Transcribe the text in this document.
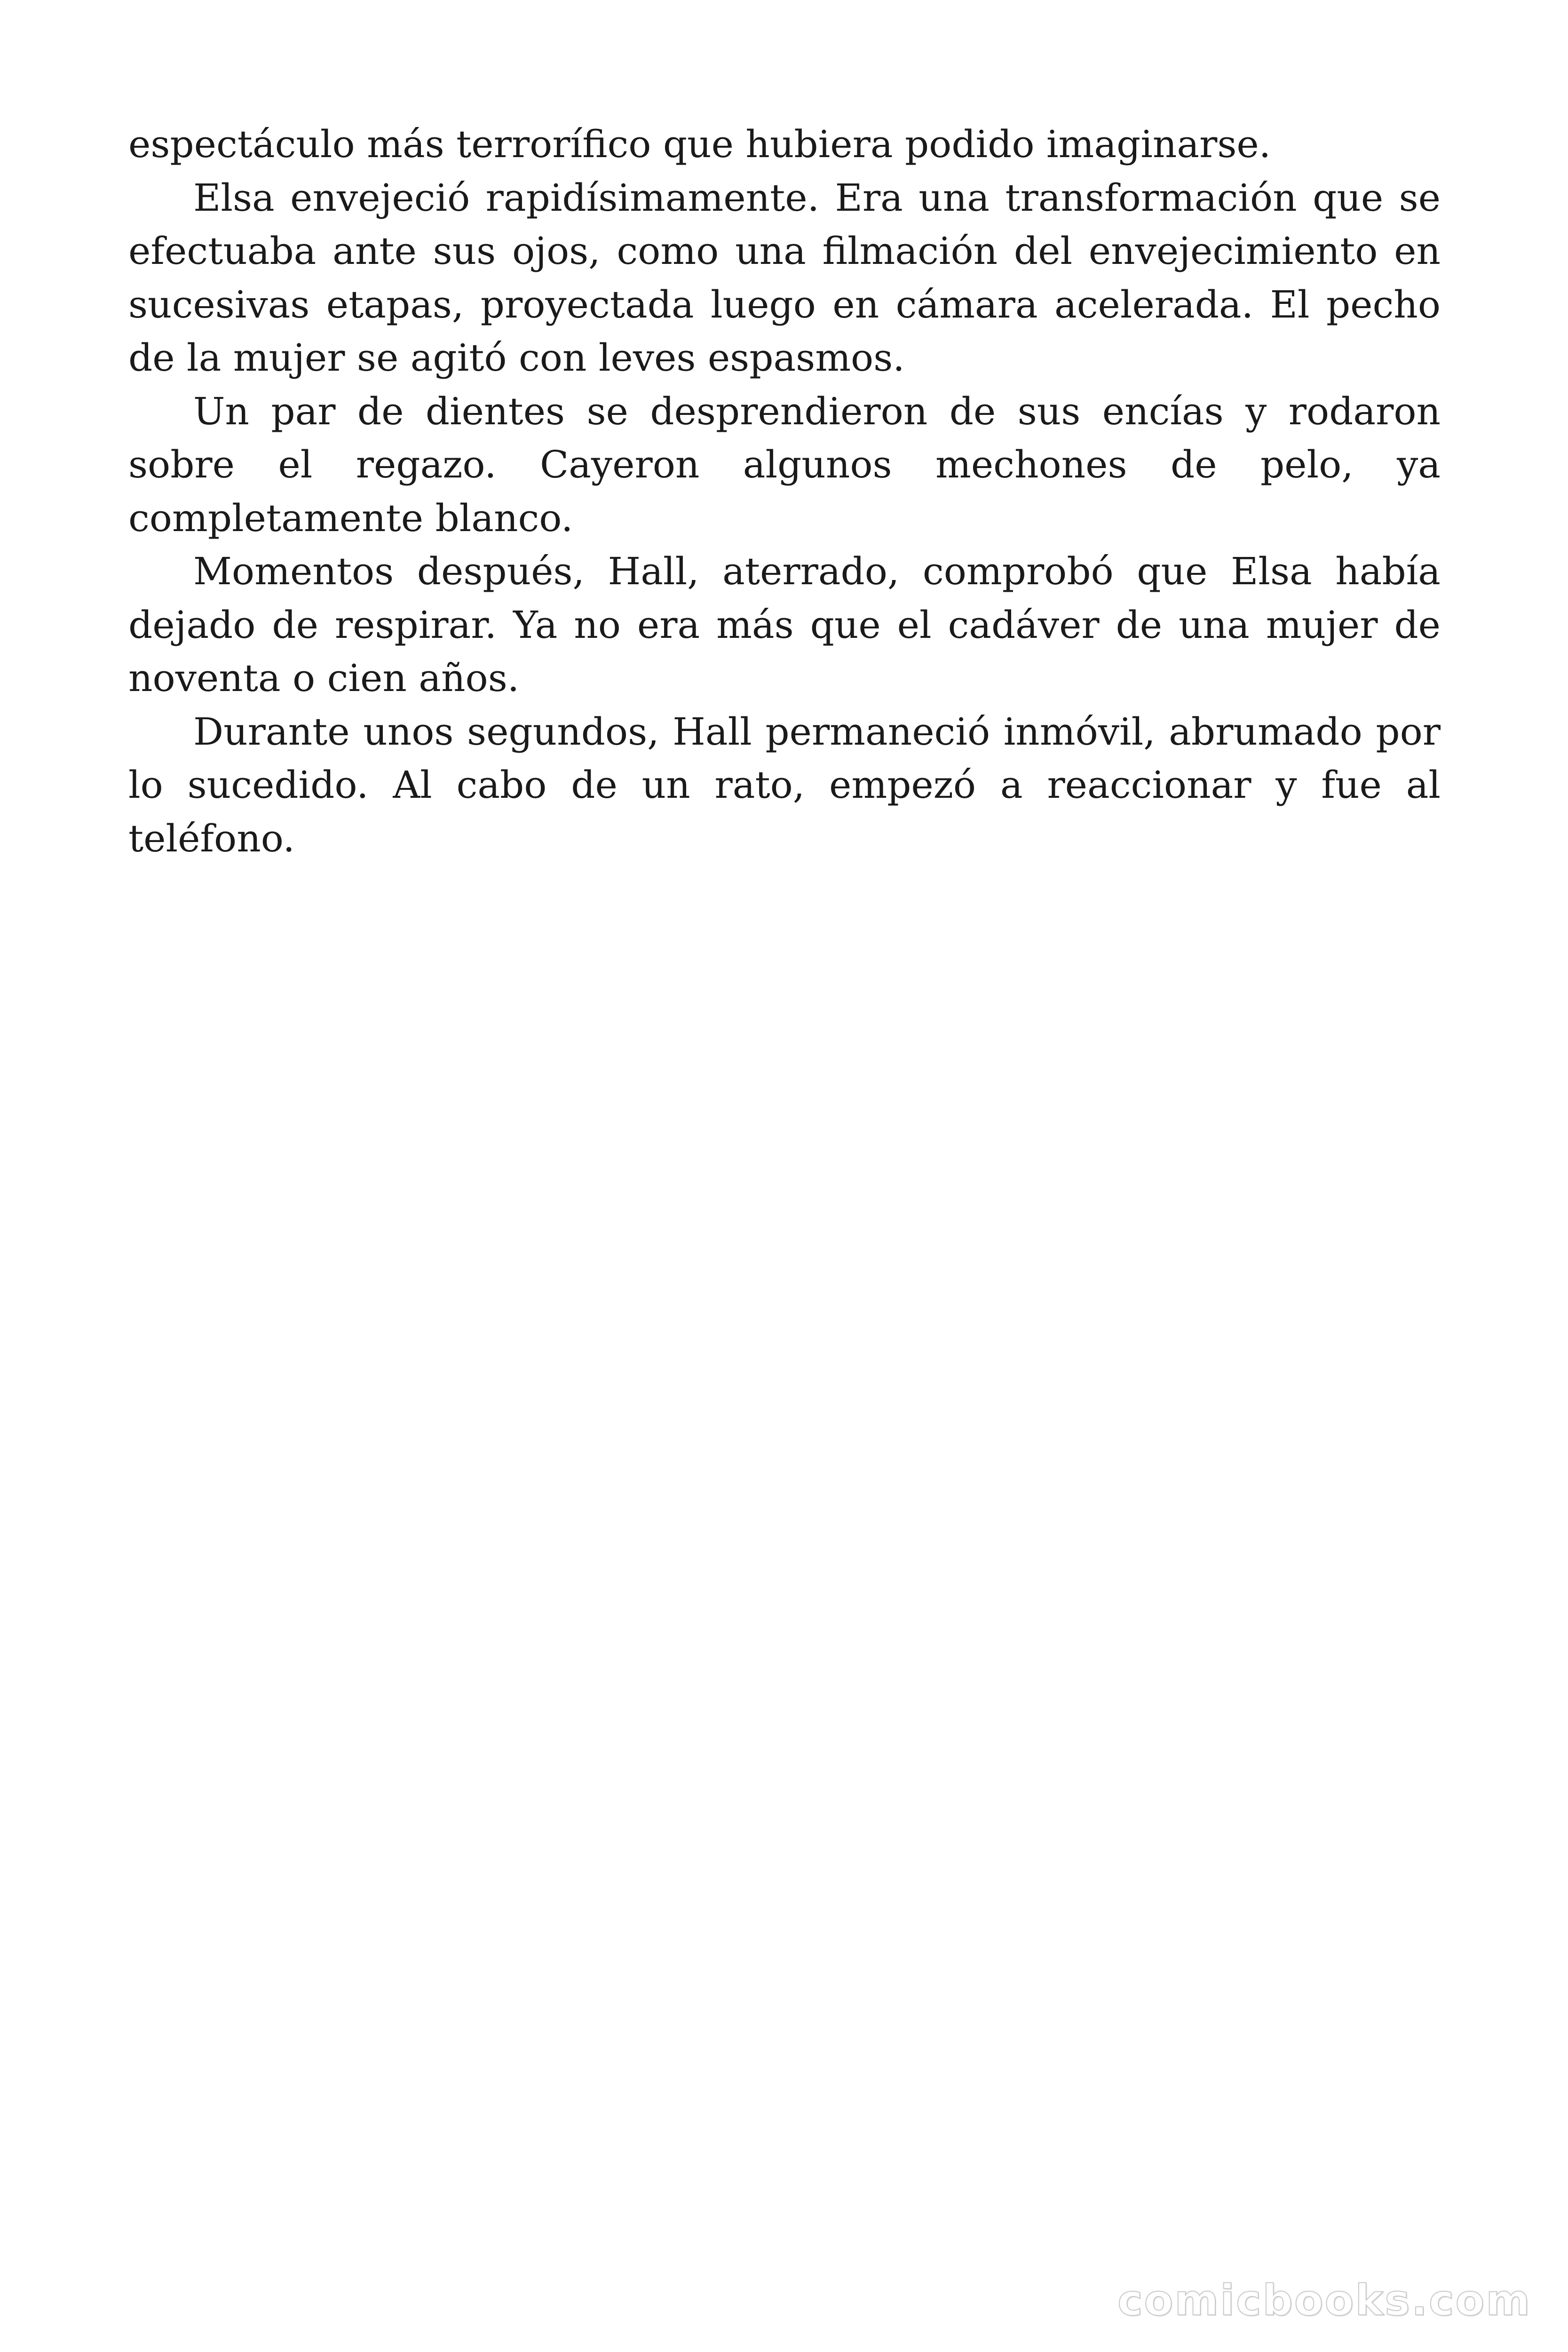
espectáculo más terrorífico que hubiera podido imaginarse.

Elsa envejeció rapidísimamente. Era una transformación que se efectuaba ante sus ojos, como una filmación del envejecimiento en sucesivas etapas, proyectada luego en cámara acelerada. El pecho de la mujer se agitó con leves espasmos.

Un par de dientes se desprendieron de sus encías y rodaron sobre el regazo. Cayeron algunos mechones de pelo, ya completamente blanco.

Momentos después, Hall, aterrado, comprobó que Elsa había dejado de respirar. Ya no era más que el cadáver de una mujer de noventa o cien años.

Durante unos segundos, Hall permaneció inmóvil, abrumado por lo sucedido. Al cabo de un rato, empezó a reaccionar y fue al teléfono.

comicbooks.com
